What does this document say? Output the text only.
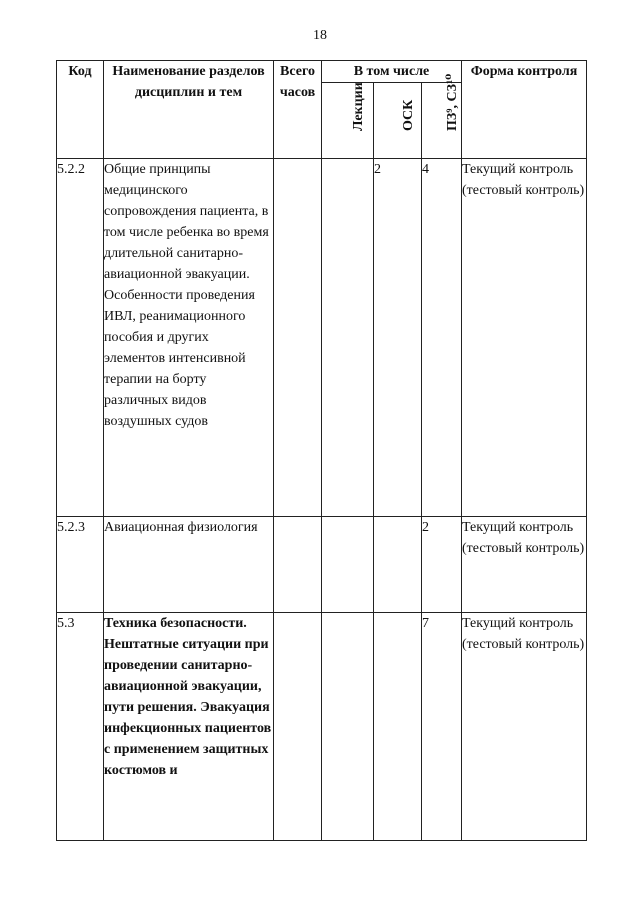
18
Код	Наименование разделов дисциплин и тем	Всего часов	В том числе			Форма контроля

			Лекции	ОСК	ПЗ⁹, СЗ¹⁰	

5.2.2	Общие принципы медицинского сопровождения пациента, в том числе ребенка во время длительной санитарно-авиационной эвакуации. Особенности проведения ИВЛ, реанимационного пособия и других элементов интенсивной терапии на борту различных видов воздушных судов			2	4	Текущий контроль (тестовый контроль)
5.2.3	Авиационная физиология				2	Текущий контроль (тестовый контроль)
5.3	Техника безопасности. Нештатные ситуации при проведении санитарно-авиационной эвакуации, пути решения. Эвакуация инфекционных пациентов с применением защитных костюмов и				7	Текущий контроль (тестовый контроль)
